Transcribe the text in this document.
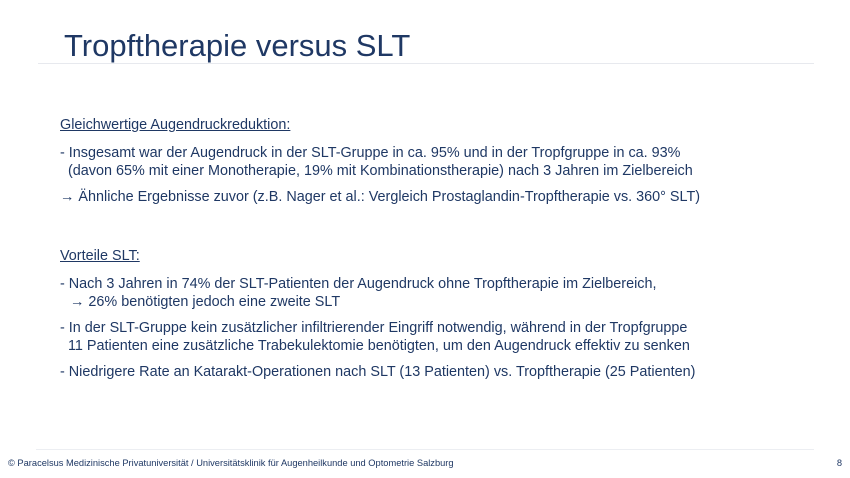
Tropftherapie versus SLT

Gleichwertige Augendruckreduktion:

- Insgesamt war der Augendruck in der SLT-Gruppe in ca. 95% und in der Tropfgruppe in ca. 93%
(davon 65% mit einer Monotherapie, 19% mit Kombinationstherapie) nach 3 Jahren im Zielbereich
→ Ähnliche Ergebnisse zuvor (z.B. Nager et al.: Vergleich Prostaglandin-Tropftherapie vs. 360° SLT)

Vorteile SLT:

- Nach 3 Jahren in 74% der SLT-Patienten der Augendruck ohne Tropftherapie im Zielbereich,
→ 26% benötigten jedoch eine zweite SLT
- In der SLT-Gruppe kein zusätzlicher infiltrierender Eingriff notwendig, während in der Tropfgruppe
11 Patienten eine zusätzliche Trabekulektomie benötigten, um den Augendruck effektiv zu senken
- Niedrigere Rate an Katarakt-Operationen nach SLT (13 Patienten) vs. Tropftherapie (25 Patienten)
© Paracelsus Medizinische Privatuniversität / Universitätsklinik für Augenheilkunde und Optometrie Salzburg	8
